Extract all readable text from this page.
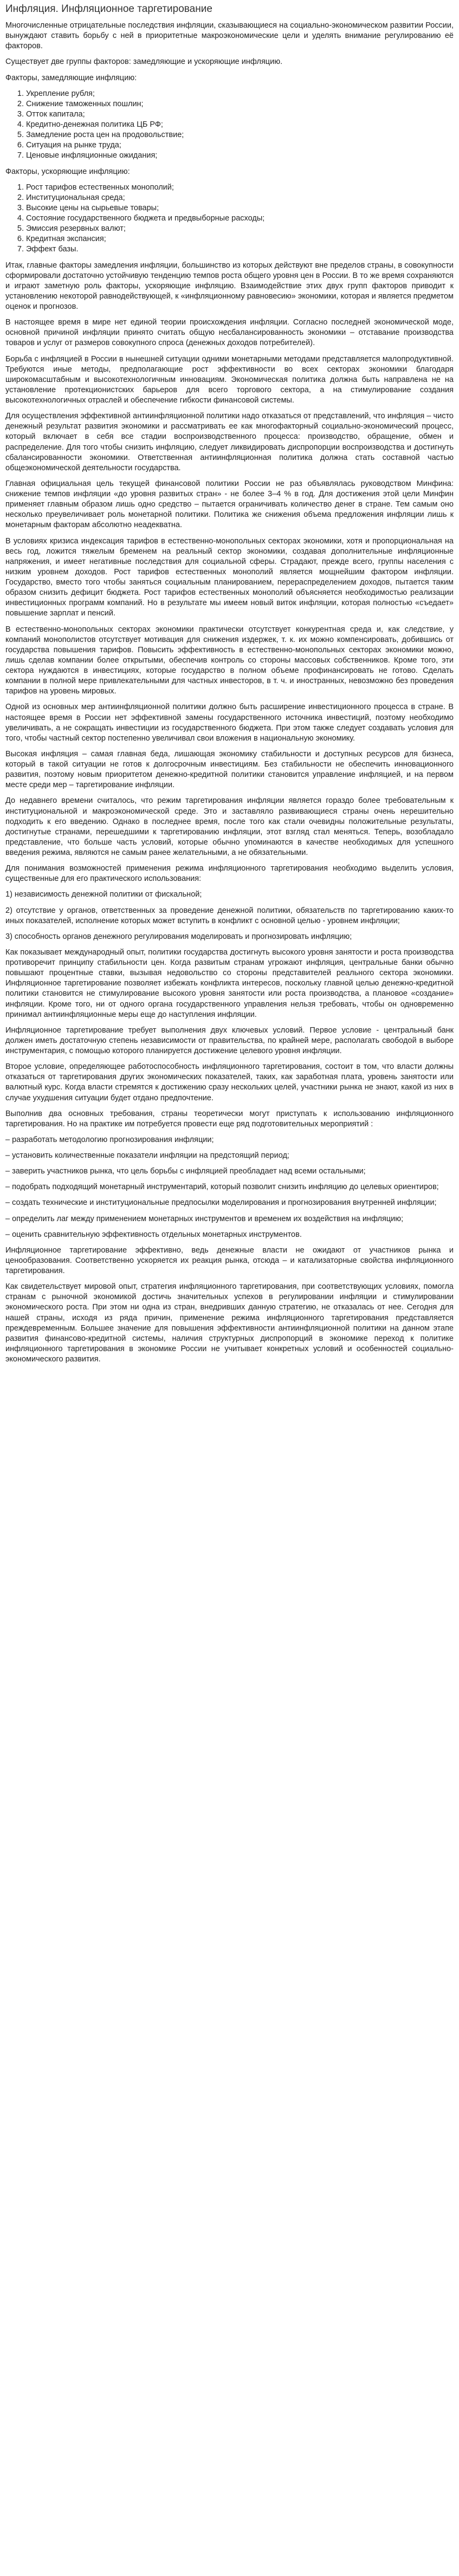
Инфляция. Инфляционное таргетирование

Многочисленные отрицательные последствия инфляции, сказывающиеся на социально-экономическом развитии России, вынуждают ставить борьбу с ней в приоритетные макроэкономические цели и уделять внимание регулированию её факторов.

Существует две группы факторов: замедляющие и ускоряющие инфляцию.

Факторы, замедляющие инфляцию:

1. Укрепление рубля;
2. Снижение таможенных пошлин;
3. Отток капитала;
4. Кредитно-денежная политика ЦБ РФ;
5. Замедление роста цен на продовольствие;
6. Ситуация на рынке труда;
7. Ценовые инфляционные ожидания;

Факторы, ускоряющие инфляцию:

1. Рост тарифов естественных монополий;
2. Институциональная среда;
3. Высокие цены на сырьевые товары;
4. Состояние государственного бюджета и предвыборные расходы;
5. Эмиссия резервных валют;
6. Кредитная экспансия;
7. Эффект базы.

Итак, главные факторы замедления инфляции, большинство из которых действуют вне пределов страны, в совокупности сформировали достаточно устойчивую тенденцию темпов роста общего уровня цен в России. В то же время сохраняются и играют заметную роль факторы, ускоряющие инфляцию. Взаимодействие этих двух групп факторов приводит к установлению некоторой равнодействующей, к «инфляционному равновесию» экономики, которая и является предметом оценок и прогнозов.

В настоящее время в мире нет единой теории происхождения инфляции. Согласно последней экономической моде, основной причиной инфляции принято считать общую несбалансированность экономики – отставание производства товаров и услуг от размеров совокупного спроса (денежных доходов потребителей).

Борьба с инфляцией в России в нынешней ситуации одними монетарными методами представляется малопродуктивной. Требуются иные методы, предполагающие рост эффективности во всех секторах экономики благодаря широкомасштабным и высокотехнологичным инновациям. Экономическая политика должна быть направлена не на установление протекционистских барьеров для всего торгового сектора, а на стимулирование создания высокотехнологичных отраслей и обеспечение гибкости финансовой системы.

Для осуществления эффективной антиинфляционной политики надо отказаться от представлений, что инфляция – чисто денежный результат развития экономики и рассматривать ее как многофакторный социально-экономический процесс, который включает в себя все стадии воспроизводственного процесса: производство, обращение, обмен и распределение. Для того чтобы снизить инфляцию, следует ликвидировать диспропорции воспроизводства и достигнуть сбалансированности экономики. Ответственная антиинфляционная политика должна стать составной частью общеэкономической деятельности государства.

Главная официальная цель текущей финансовой политики России не раз объявлялась руководством Минфина: снижение темпов инфляции «до уровня развитых стран» - не более 3–4 % в год. Для достижения этой цели Минфин применяет главным образом лишь одно средство – пытается ограничивать количество денег в стране. Тем самым оно несколько преувеличивает роль монетарной политики. Политика же снижения объема предложения инфляции лишь к монетарным факторам абсолютно неадекватна.

В условиях кризиса индексация тарифов в естественно-монопольных секторах экономики, хотя и пропорциональная на весь год, ложится тяжелым бременем на реальный сектор экономики, создавая дополнительные инфляционные напряжения, и имеет негативные последствия для социальной сферы. Страдают, прежде всего, группы населения с низким уровнем доходов. Рост тарифов естественных монополий является мощнейшим фактором инфляции. Государство, вместо того чтобы заняться социальным планированием, перераспределением доходов, пытается таким образом снизить дефицит бюджета. Рост тарифов естественных монополий объясняется необходимостью реализации инвестиционных программ компаний. Но в результате мы имеем новый виток инфляции, которая полностью «съедает» повышение зарплат и пенсий.

В естественно-монопольных секторах экономики практически отсутствует конкурентная среда и, как следствие, у компаний монополистов отсутствует мотивация для снижения издержек, т. к. их можно компенсировать, добившись от государства повышения тарифов. Повысить эффективность в естественно-монопольных секторах экономики можно, лишь сделав компании более открытыми, обеспечив контроль со стороны массовых собственников. Кроме того, эти сектора нуждаются в инвестициях, которые государство в полном объеме профинансировать не готово. Сделать компании в полной мере привлекательными для частных инвесторов, в т. ч. и иностранных, невозможно без проведения тарифов на уровень мировых.

Одной из основных мер антиинфляционной политики должно быть расширение инвестиционного процесса в стране. В настоящее время в России нет эффективной замены государственного источника инвестиций, поэтому необходимо увеличивать, а не сокращать инвестиции из государственного бюджета. При этом также следует создавать условия для того, чтобы частный сектор постепенно увеличивал свои вложения в национальную экономику.

Высокая инфляция – самая главная беда, лишающая экономику стабильности и доступных ресурсов для бизнеса, который в такой ситуации не готов к долгосрочным инвестициям. Без стабильности не обеспечить инновационного развития, поэтому новым приоритетом денежно-кредитной политики становится управление инфляцией, и на первом месте среди мер – таргетирование инфляции.

До недавнего времени считалось, что режим таргетирования инфляции является гораздо более требовательным к институциональной и макроэкономической среде. Это и заставляло развивающиеся страны очень нерешительно подходить к его введению. Однако в последнее время, после того как стали очевидны положительные результаты, достигнутые странами, перешедшими к таргетированию инфляции, этот взгляд стал меняться. Теперь, возобладало представление, что больше часть условий, которые обычно упоминаются в качестве необходимых для успешного введения режима, являются не самым ранее желательными, а не обязательными.

Для понимания возможностей применения режима инфляционного таргетирования необходимо выделить условия, существенные для его практического использования:

1) независимость денежной политики от фискальной;

2) отсутствие у органов, ответственных за проведение денежной политики, обязательств по таргетированию каких-то иных показателей, исполнение которых может вступить в конфликт с основной целью - уровнем инфляции;

3) способность органов денежного регулирования моделировать и прогнозировать инфляцию;

Как показывает международный опыт, политики государства достигнуть высокого уровня занятости и роста производства противоречит принципу стабильности цен. Когда развитым странам угрожают инфляция, центральные банки обычно повышают процентные ставки, вызывая недовольство со стороны представителей реального сектора экономики. Инфляционное таргетирование позволяет избежать конфликта интересов, поскольку главной целью денежно-кредитной политики становится не стимулирование высокого уровня занятости или роста производства, а плановое «создание» инфляции. Кроме того, ни от одного органа государственного управления нельзя требовать, чтобы он одновременно принимал антиинфляционные меры еще до наступления инфляции.

Инфляционное таргетирование требует выполнения двух ключевых условий. Первое условие - центральный банк должен иметь достаточную степень независимости от правительства, по крайней мере, располагать свободой в выборе инструментария, с помощью которого планируется достижение целевого уровня инфляции.

Второе условие, определяющее работоспособность инфляционного таргетирования, состоит в том, что власти должны отказаться от таргетирования других экономических показателей, таких, как заработная плата, уровень занятости или валютный курс. Когда власти стремятся к достижению сразу нескольких целей, участники рынка не знают, какой из них в случае ухудшения ситуации будет отдано предпочтение.

Выполнив два основных требования, страны теоретически могут приступать к использованию инфляционного таргетирования. Но на практике им потребуется провести еще ряд подготовительных мероприятий :

– разработать методологию прогнозирования инфляции;

– установить количественные показатели инфляции на предстоящий период;

– заверить участников рынка, что цель борьбы с инфляцией преобладает над всеми остальными;

– подобрать подходящий монетарный инструментарий, который позволит снизить инфляцию до целевых ориентиров;

– создать технические и институциональные предпосылки моделирования и прогнозирования внутренней инфляции;

– определить лаг между применением монетарных инструментов и временем их воздействия на инфляцию;

– оценить сравнительную эффективность отдельных монетарных инструментов.

Инфляционное таргетирование эффективно, ведь денежные власти не ожидают от участников рынка и ценообразования. Соответственно ускоряется их реакция рынка, отсюда – и катализаторные свойства инфляционного таргетирования.

Как свидетельствует мировой опыт, стратегия инфляционного таргетирования, при соответствующих условиях, помогла странам с рыночной экономикой достичь значительных успехов в регулировании инфляции и стимулировании экономического роста. При этом ни одна из стран, внедривших данную стратегию, не отказалась от нее. Сегодня для нашей страны, исходя из ряда причин, применение режима инфляционного таргетирования представляется преждевременным. Большее значение для повышения эффективности антиинфляционной политики на данном этапе развития финансово-кредитной системы, наличия структурных диспропорций в экономике переход к политике инфляционного таргетирования в экономике России не учитывает конкретных условий и особенностей социально-экономического развития.
